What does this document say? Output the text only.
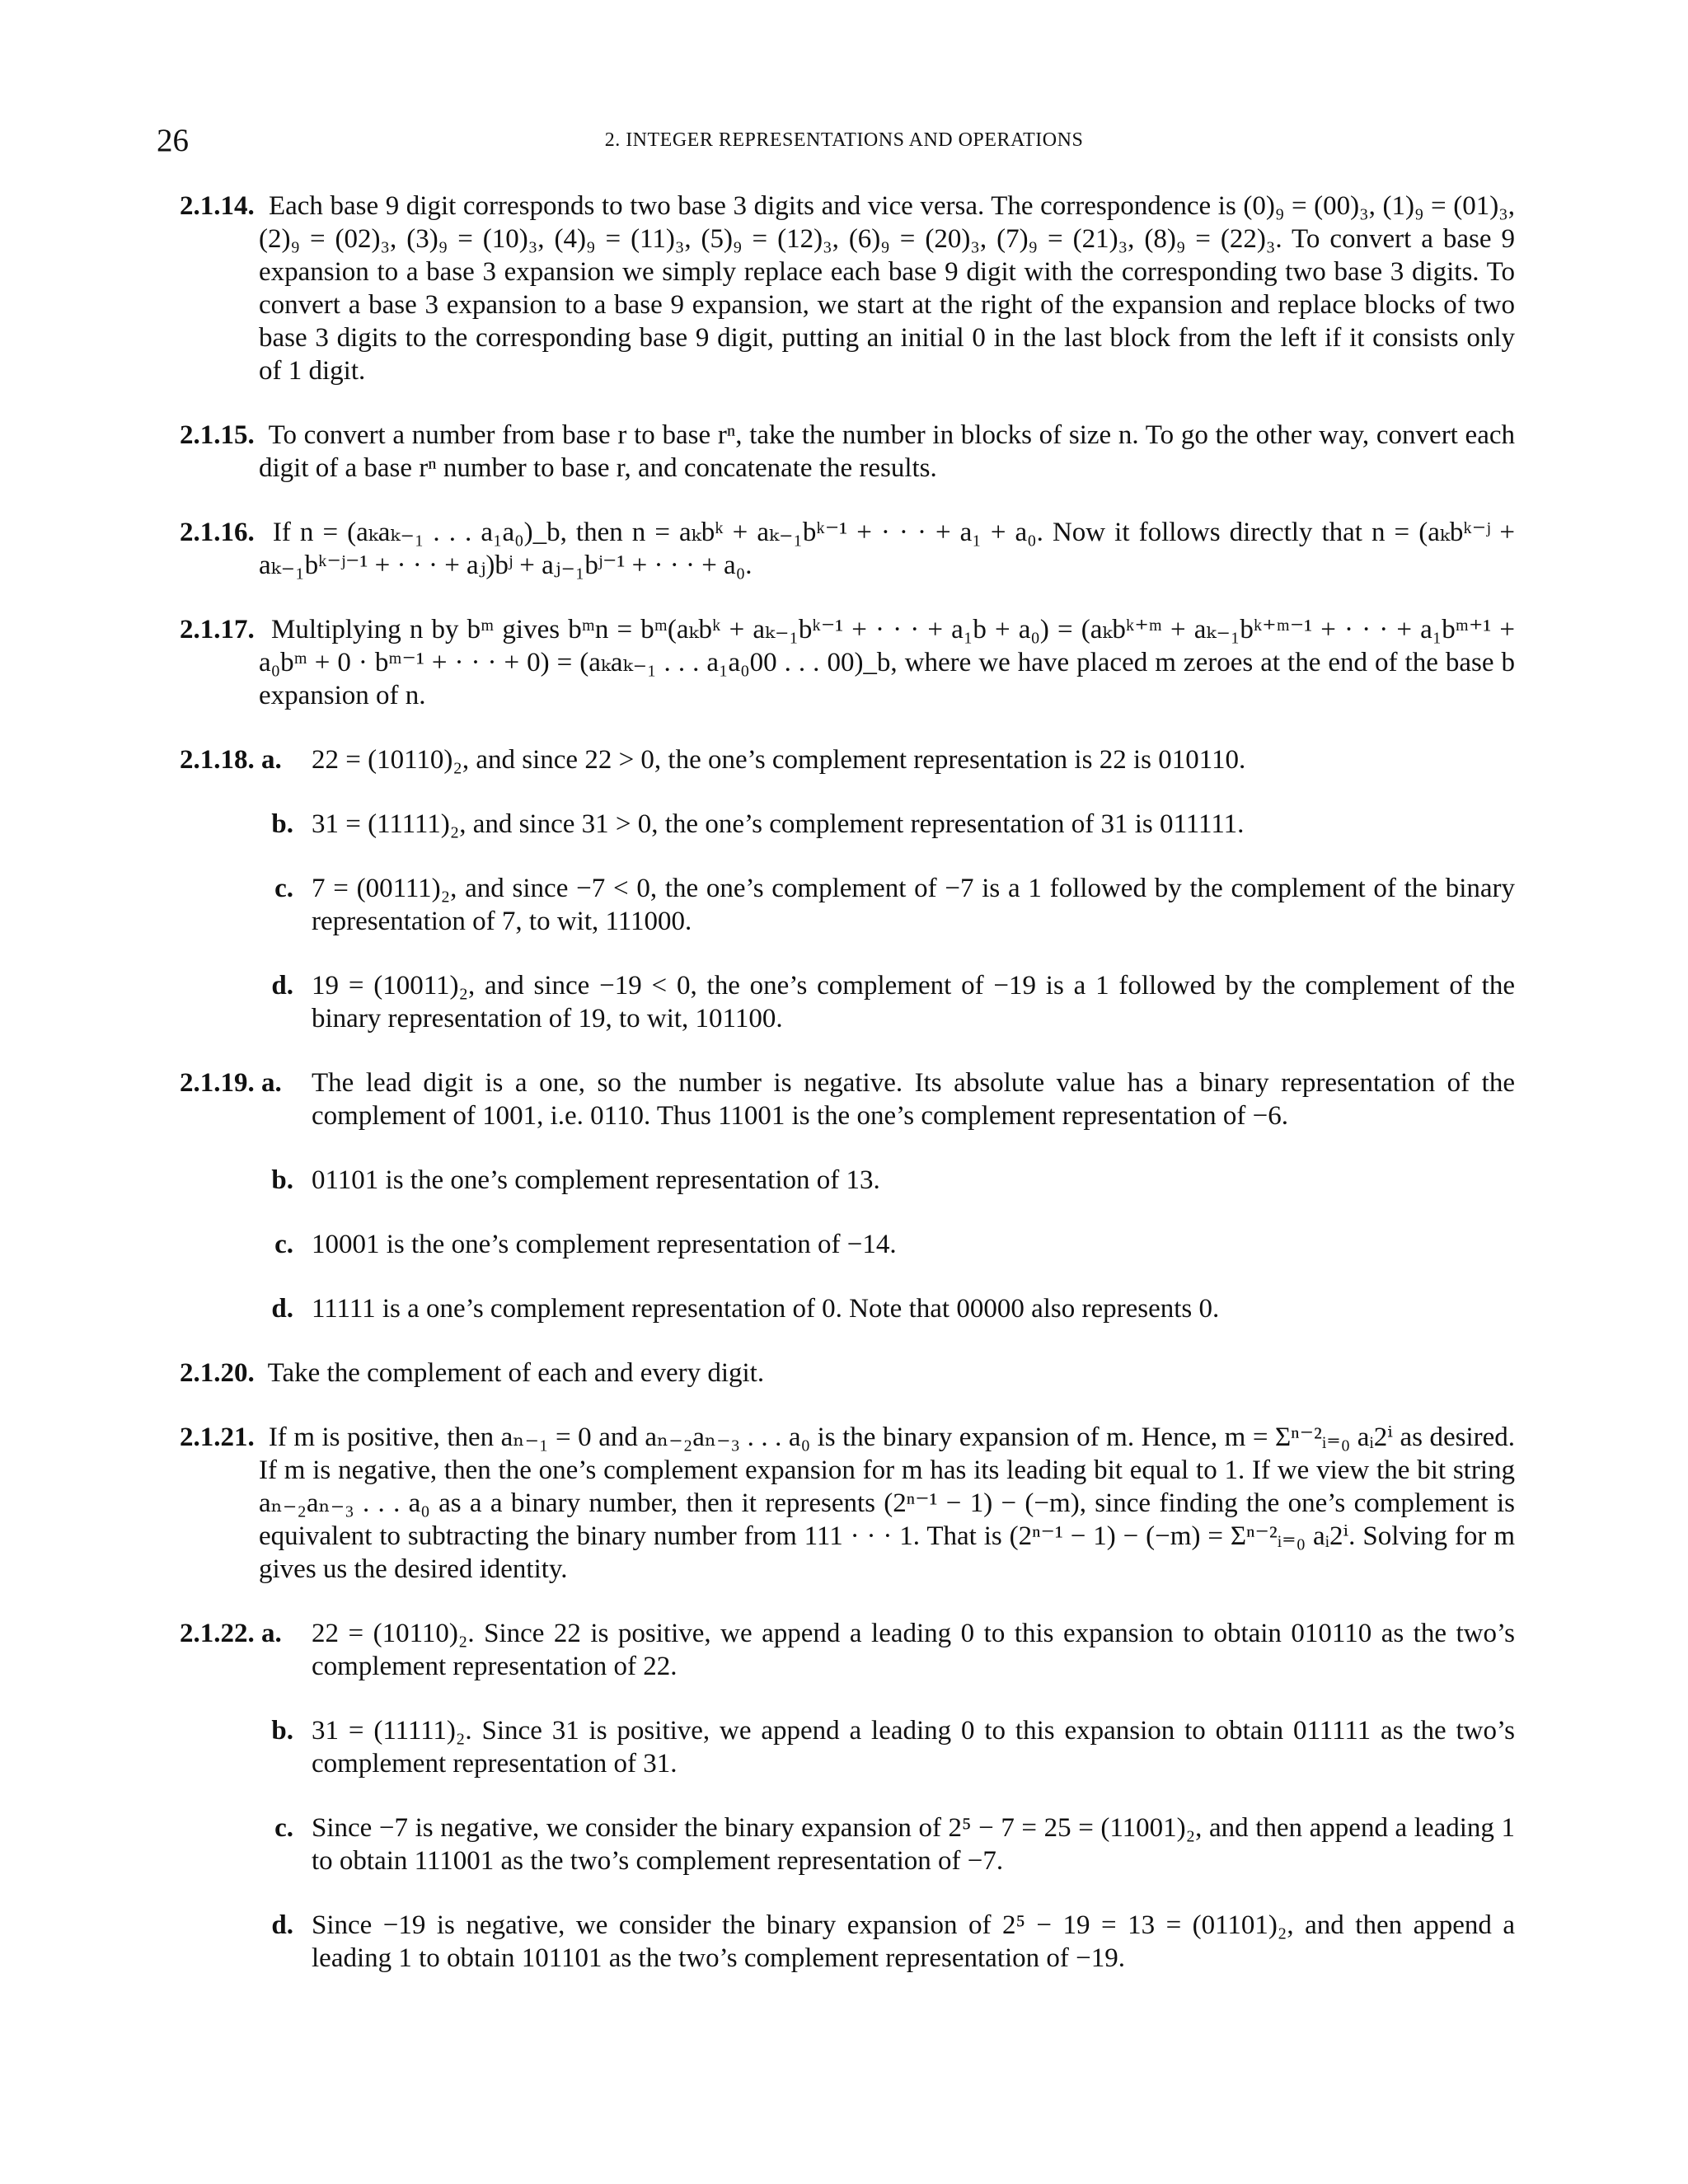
26	2. INTEGER REPRESENTATIONS AND OPERATIONS

2.1.14. Each base 9 digit corresponds to two base 3 digits and vice versa. The correspondence is (0)₉ = (00)₃, (1)₉ = (01)₃, (2)₉ = (02)₃, (3)₉ = (10)₃, (4)₉ = (11)₃, (5)₉ = (12)₃, (6)₉ = (20)₃, (7)₉ = (21)₃, (8)₉ = (22)₃. To convert a base 9 expansion to a base 3 expansion we simply replace each base 9 digit with the corresponding two base 3 digits. To convert a base 3 expansion to a base 9 expansion, we start at the right of the expansion and replace blocks of two base 3 digits to the corresponding base 9 digit, putting an initial 0 in the last block from the left if it consists only of 1 digit.

2.1.15. To convert a number from base r to base rⁿ, take the number in blocks of size n. To go the other way, convert each digit of a base rⁿ number to base r, and concatenate the results.

2.1.16. If n = (aₖaₖ₋₁ . . . a₁a₀)_b, then n = aₖbᵏ + aₖ₋₁bᵏ⁻¹ + · · · + a₁ + a₀. Now it follows directly that n = (aₖbᵏ⁻ʲ + aₖ₋₁bᵏ⁻ʲ⁻¹ + · · · + aⱼ)bʲ + aⱼ₋₁bʲ⁻¹ + · · · + a₀.

2.1.17. Multiplying n by bᵐ gives bᵐn = bᵐ(aₖbᵏ + aₖ₋₁bᵏ⁻¹ + · · · + a₁b + a₀) = (aₖbᵏ⁺ᵐ + aₖ₋₁bᵏ⁺ᵐ⁻¹ + · · · + a₁bᵐ⁺¹ + a₀bᵐ + 0 · bᵐ⁻¹ + · · · + 0) = (aₖaₖ₋₁ . . . a₁a₀00 . . . 00)_b, where we have placed m zeroes at the end of the base b expansion of n.

2.1.18. a.	22 = (10110)₂, and since 22 > 0, the one’s complement representation is 22 is 010110.
b. 31 = (11111)₂, and since 31 > 0, the one’s complement representation of 31 is 011111.
c. 7 = (00111)₂, and since −7 < 0, the one’s complement of −7 is a 1 followed by the complement of the binary representation of 7, to wit, 111000.
d. 19 = (10011)₂, and since −19 < 0, the one’s complement of −19 is a 1 followed by the complement of the binary representation of 19, to wit, 101100.
2.1.19. a.	The lead digit is a one, so the number is negative. Its absolute value has a binary representation of the complement of 1001, i.e. 0110. Thus 11001 is the one’s complement representation of −6.
b. 01101 is the one’s complement representation of 13.
c. 10001 is the one’s complement representation of −14.
d. 11111 is a one’s complement representation of 0. Note that 00000 also represents 0.

2.1.20. Take the complement of each and every digit.

2.1.21. If m is positive, then aₙ₋₁ = 0 and aₙ₋₂aₙ₋₃ . . . a₀ is the binary expansion of m. Hence, m = Σⁿ⁻²ᵢ₌₀ aᵢ2ⁱ as desired. If m is negative, then the one’s complement expansion for m has its leading bit equal to 1. If we view the bit string aₙ₋₂aₙ₋₃ . . . a₀ as a a binary number, then it represents (2ⁿ⁻¹ − 1) − (−m), since finding the one’s complement is equivalent to subtracting the binary number from 111 · · · 1. That is (2ⁿ⁻¹ − 1) − (−m) = Σⁿ⁻²ᵢ₌₀ aᵢ2ⁱ. Solving for m gives us the desired identity.

2.1.22. a.	22 = (10110)₂. Since 22 is positive, we append a leading 0 to this expansion to obtain 010110 as the two’s complement representation of 22.
b. 31 = (11111)₂. Since 31 is positive, we append a leading 0 to this expansion to obtain 011111 as the two’s complement representation of 31.
c. Since −7 is negative, we consider the binary expansion of 2⁵ − 7 = 25 = (11001)₂, and then append a leading 1 to obtain 111001 as the two’s complement representation of −7.
d. Since −19 is negative, we consider the binary expansion of 2⁵ − 19 = 13 = (01101)₂, and then append a leading 1 to obtain 101101 as the two’s complement representation of −19.
